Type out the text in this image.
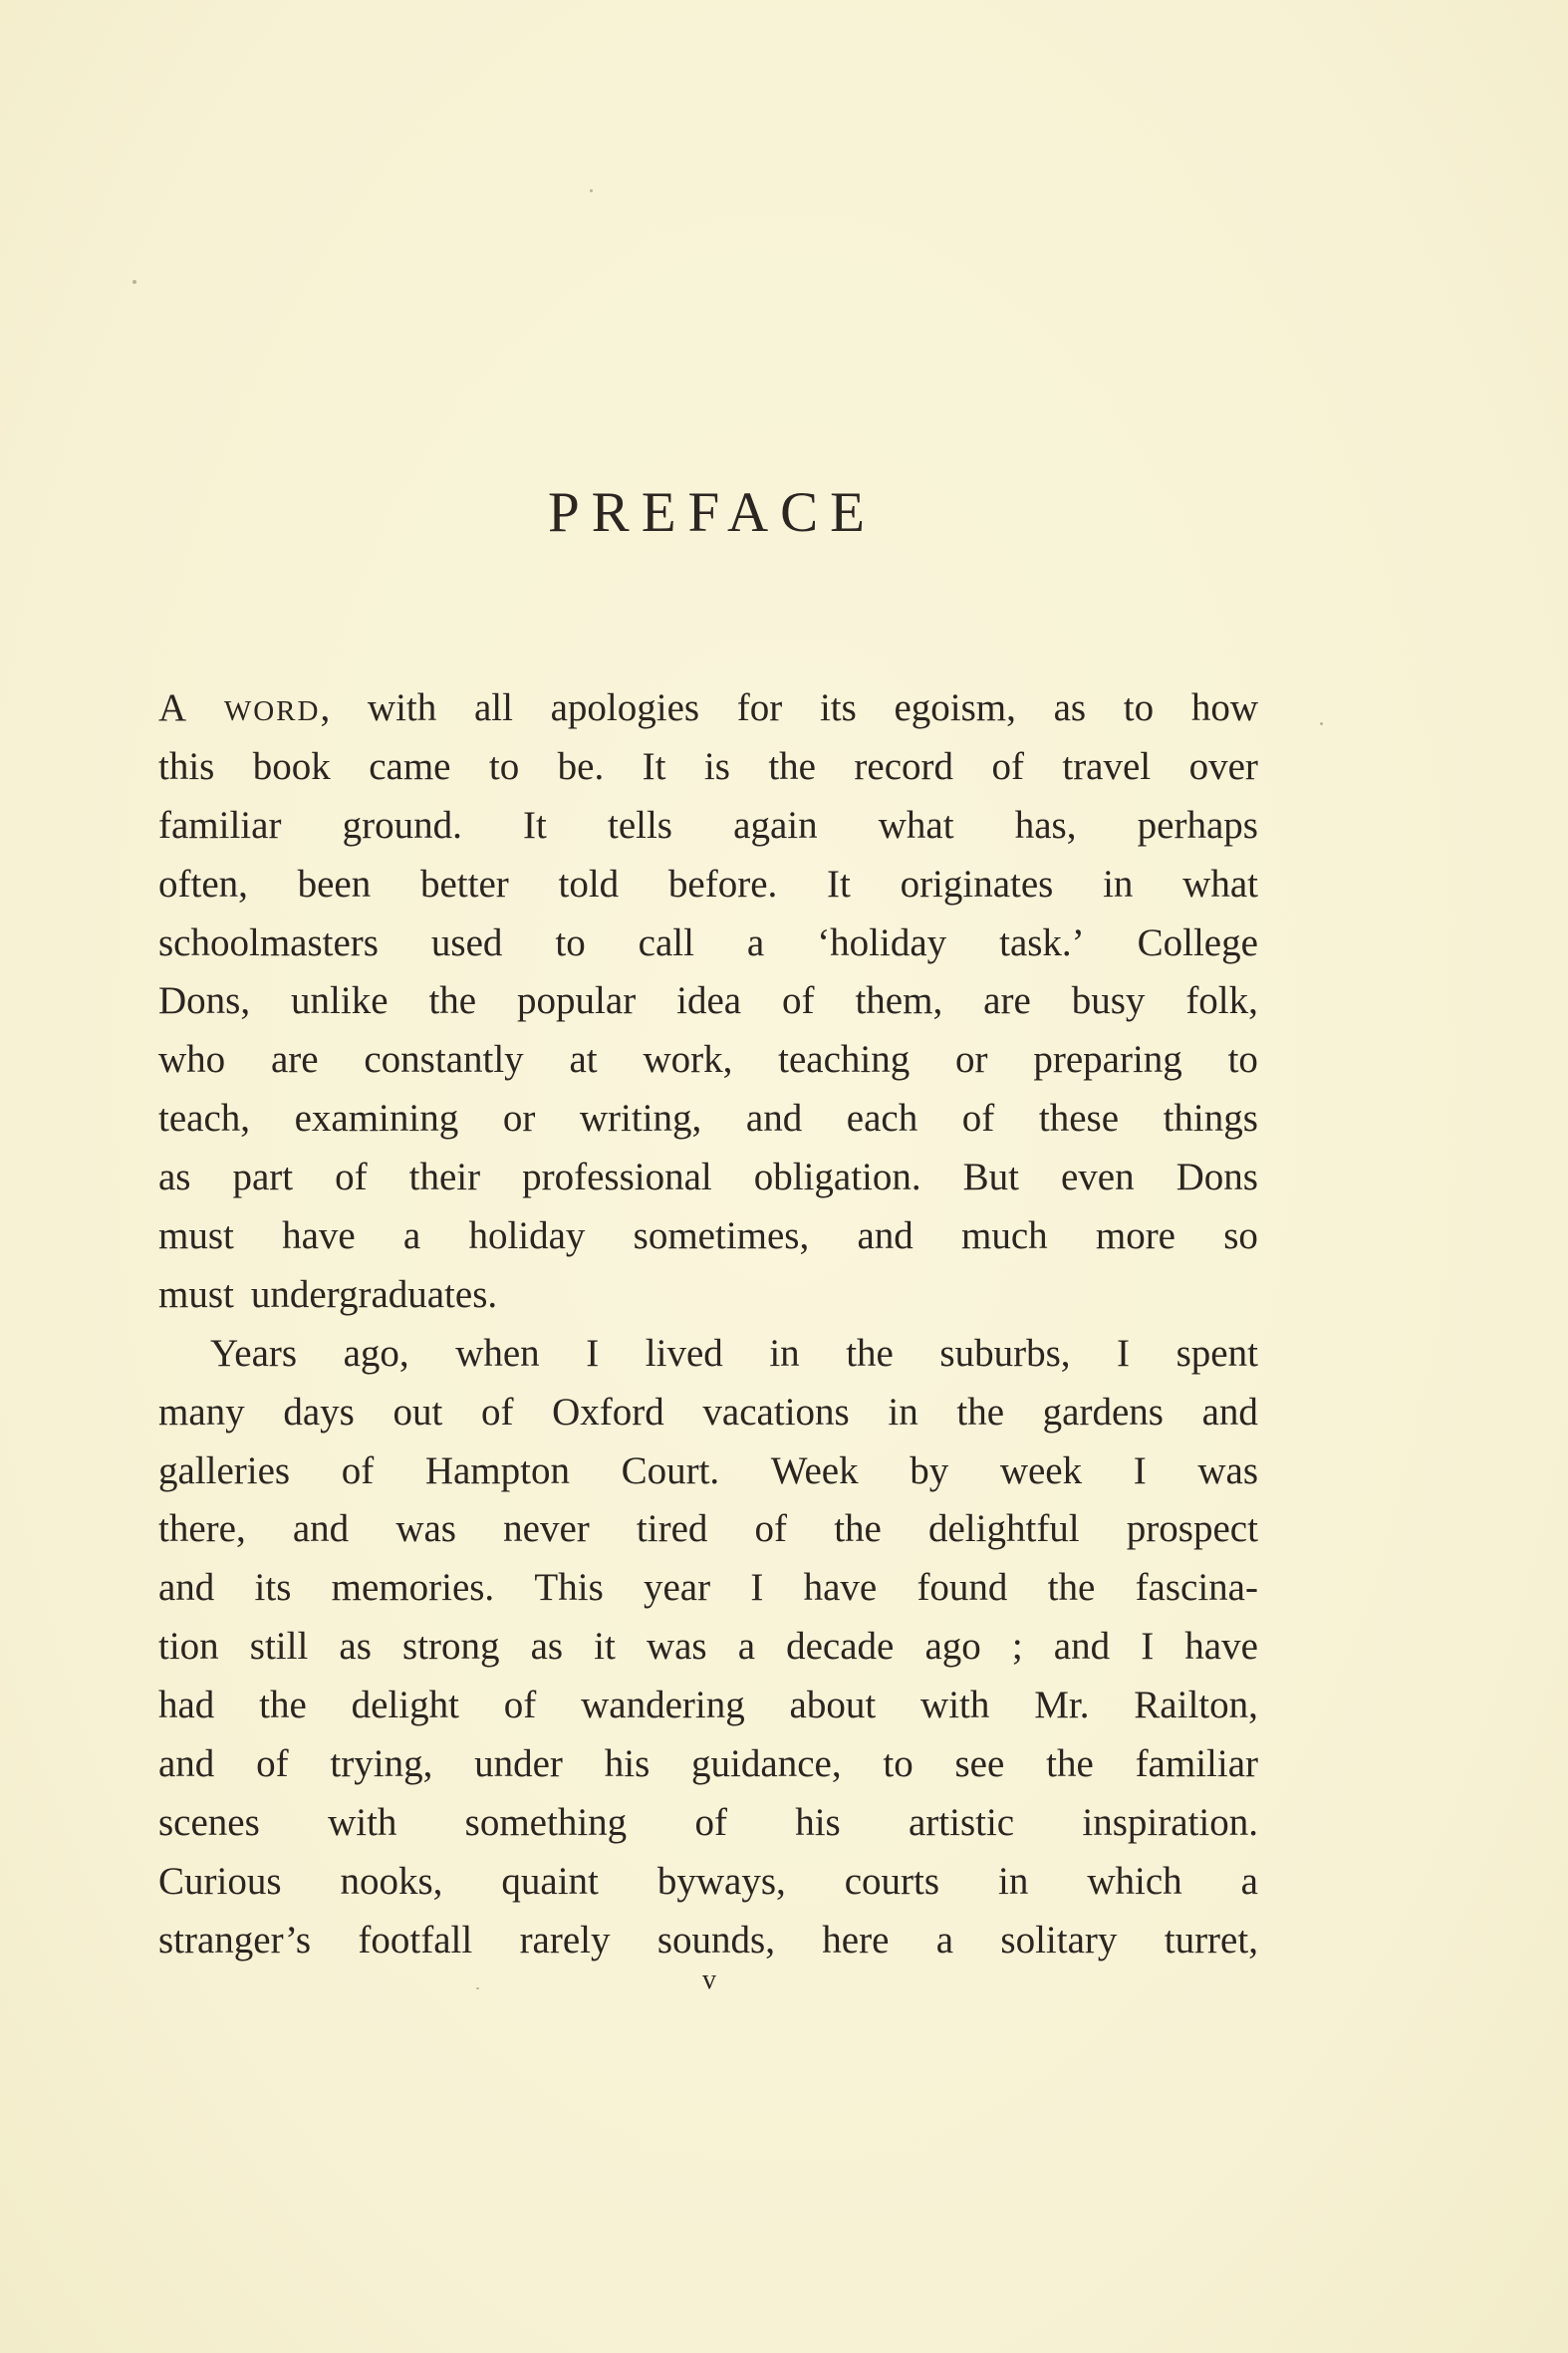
PREFACE
A WORD, with all apologies for its egoism, as to how
this book came to be. It is the record of travel over
familiar ground. It tells again what has, perhaps
often, been better told before. It originates in what
schoolmasters used to call a ‘holiday task.’ College
Dons, unlike the popular idea of them, are busy folk,
who are constantly at work, teaching or preparing to
teach, examining or writing, and each of these things
as part of their professional obligation. But even Dons
must have a holiday sometimes, and much more so
must undergraduates.
Years ago, when I lived in the suburbs, I spent
many days out of Oxford vacations in the gardens and
galleries of Hampton Court. Week by week I was
there, and was never tired of the delightful prospect
and its memories. This year I have found the fascina-
tion still as strong as it was a decade ago ; and I have
had the delight of wandering about with Mr. Railton,
and of trying, under his guidance, to see the familiar
scenes with something of his artistic inspiration.
Curious nooks, quaint byways, courts in which a
stranger’s footfall rarely sounds, here a solitary turret,
v
